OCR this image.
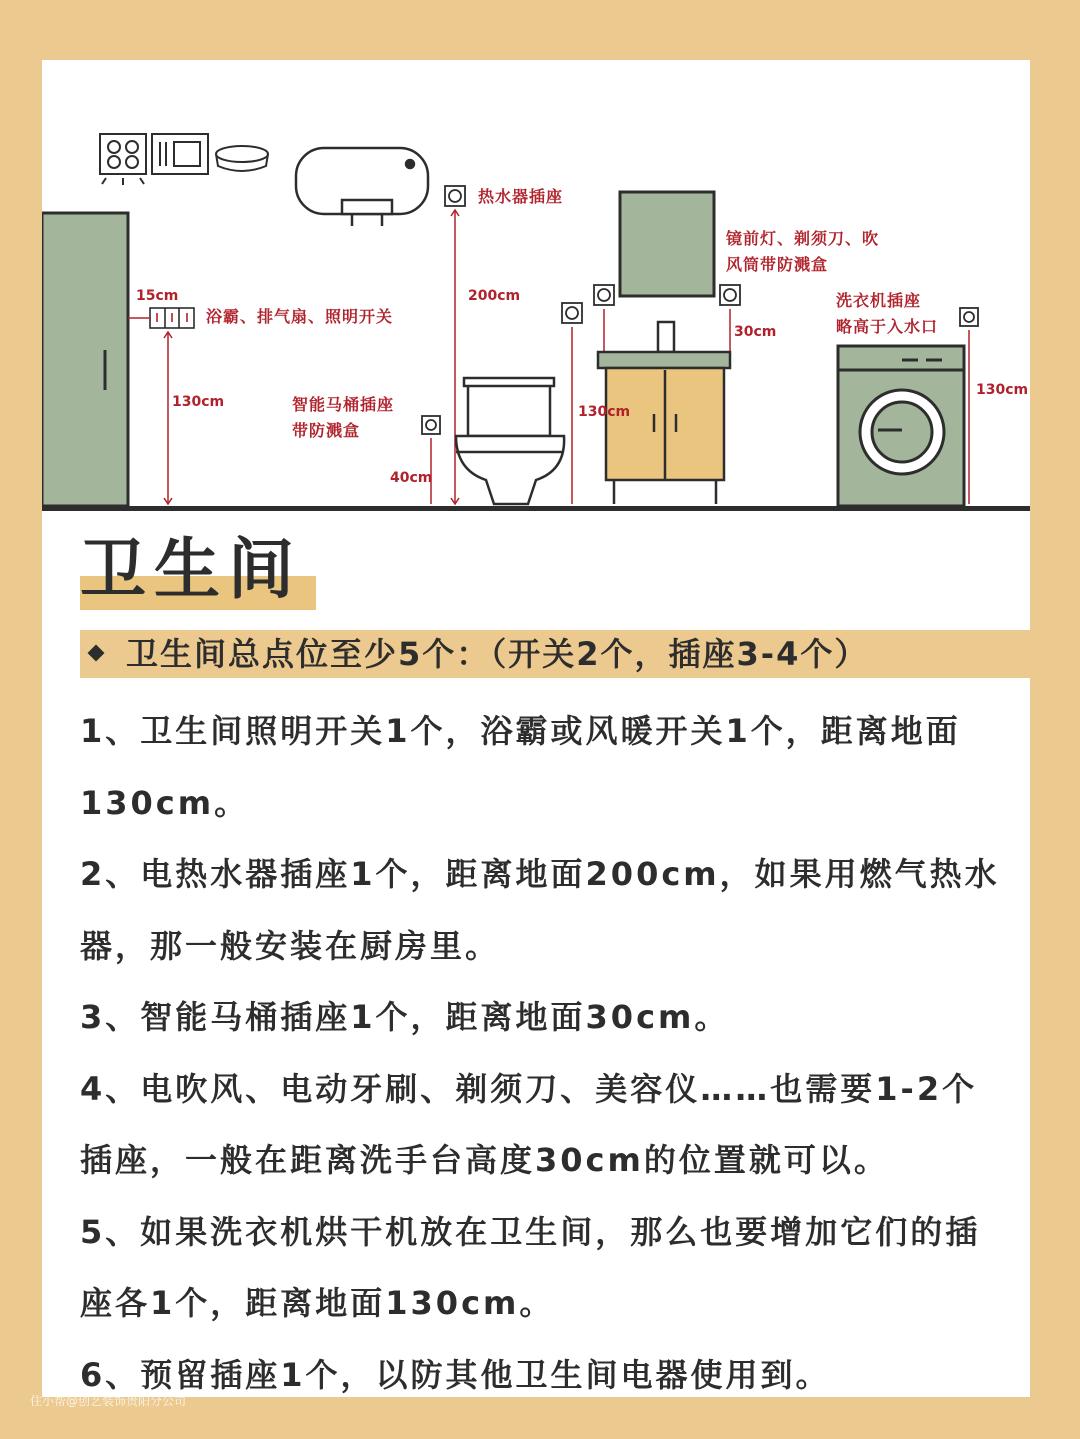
热水器插座
浴霸、排气扇、照明开关
智能马桶插座
带防溅盒
镜前灯、剃须刀、吹
风筒带防溅盒
洗衣机插座
略高于入水口
15cm
130cm
200cm
40cm
130cm
30cm
130cm
卫生间
卫生间总点位至少5个：（开关2个，插座3-4个）
1、卫生间照明开关1个，浴霸或风暖开关1个，距离地面130cm。
2、电热水器插座1个，距离地面200cm，如果用燃气热水器，那一般安装在厨房里。
3、智能马桶插座1个，距离地面30cm。
4、电吹风、电动牙刷、剃须刀、美容仪……也需要1-2个插座，一般在距离洗手台高度30cm的位置就可以。
5、如果洗衣机烘干机放在卫生间，那么也要增加它们的插座各1个，距离地面130cm。
6、预留插座1个，以防其他卫生间电器使用到。
住小帮@创艺装饰贵阳分公司
